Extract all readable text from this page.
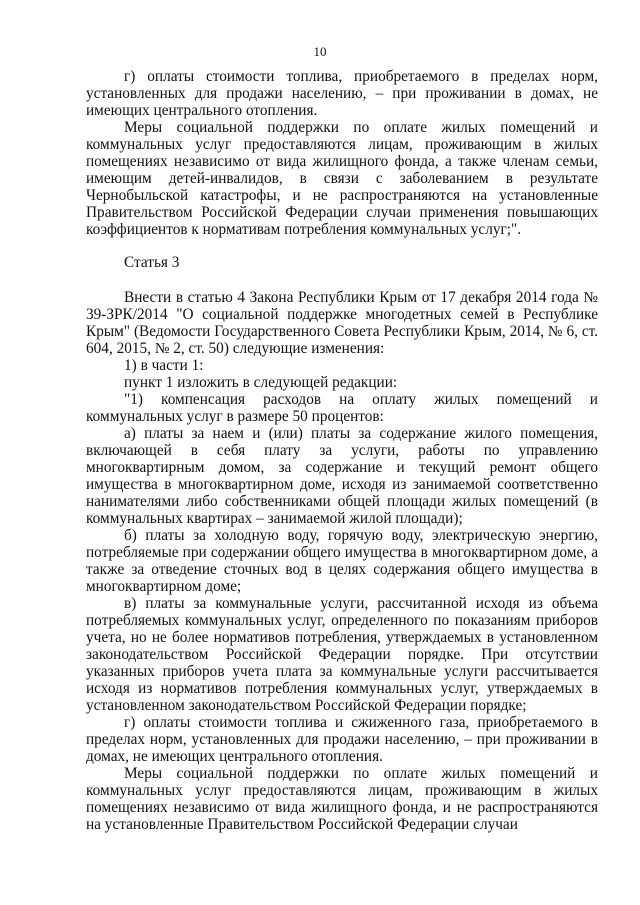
10

г) оплаты стоимости топлива, приобретаемого в пределах норм, установленных для продажи населению, – при проживании в домах, не имеющих центрального отопления.

Меры социальной поддержки по оплате жилых помещений и коммунальных услуг предоставляются лицам, проживающим в жилых помещениях независимо от вида жилищного фонда, а также членам семьи, имеющим детей-инвалидов, в связи с заболеванием в результате Чернобыльской катастрофы, и не распространяются на установленные Правительством Российской Федерации случаи применения повышающих коэффициентов к нормативам потребления коммунальных услуг;".

Статья 3

Внести в статью 4 Закона Республики Крым от 17 декабря 2014 года № 39-ЗРК/2014 "О социальной поддержке многодетных семей в Республике Крым" (Ведомости Государственного Совета Республики Крым, 2014, № 6, ст. 604, 2015, № 2, ст. 50) следующие изменения:

1) в части 1:

пункт 1 изложить в следующей редакции:

"1) компенсация расходов на оплату жилых помещений и коммунальных услуг в размере 50 процентов:

а) платы за наем и (или) платы за содержание жилого помещения, включающей в себя плату за услуги, работы по управлению многоквартирным домом, за содержание и текущий ремонт общего имущества в многоквартирном доме, исходя из занимаемой соответственно нанимателями либо собственниками общей площади жилых помещений (в коммунальных квартирах – занимаемой жилой площади);

б) платы за холодную воду, горячую воду, электрическую энергию, потребляемые при содержании общего имущества в многоквартирном доме, а также за отведение сточных вод в целях содержания общего имущества в многоквартирном доме;

в) платы за коммунальные услуги, рассчитанной исходя из объема потребляемых коммунальных услуг, определенного по показаниям приборов учета, но не более нормативов потребления, утверждаемых в установленном законодательством Российской Федерации порядке. При отсутствии указанных приборов учета плата за коммунальные услуги рассчитывается исходя из нормативов потребления коммунальных услуг, утверждаемых в установленном законодательством Российской Федерации порядке;

г) оплаты стоимости топлива и сжиженного газа, приобретаемого в пределах норм, установленных для продажи населению, – при проживании в домах, не имеющих центрального отопления.

Меры социальной поддержки по оплате жилых помещений и коммунальных услуг предоставляются лицам, проживающим в жилых помещениях независимо от вида жилищного фонда, и не распространяются на установленные Правительством Российской Федерации случаи
